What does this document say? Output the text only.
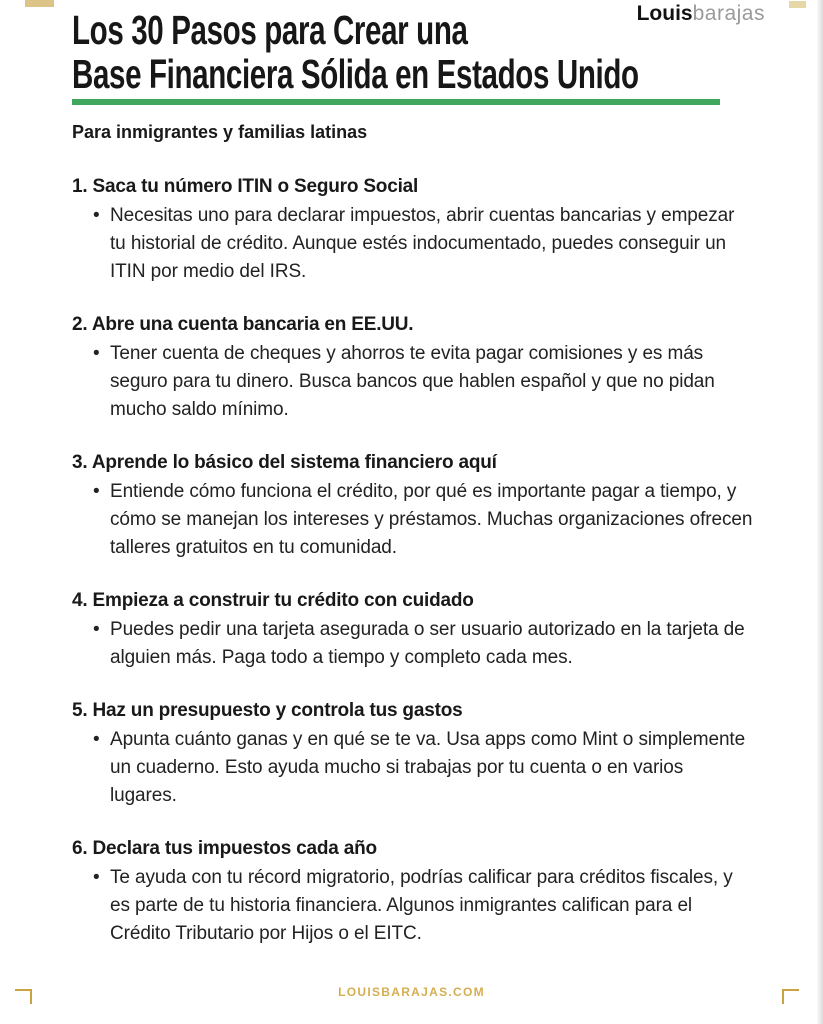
Los 30 Pasos para Crear una
Base Financiera Sólida en Estados Unido
Louisbarajas
Para inmigrantes y familias latinas
1. Saca tu número ITIN o Seguro Social
• Necesitas uno para declarar impuestos, abrir cuentas bancarias y empezar tu historial de crédito. Aunque estés indocumentado, puedes conseguir un ITIN por medio del IRS.
2. Abre una cuenta bancaria en EE.UU.
• Tener cuenta de cheques y ahorros te evita pagar comisiones y es más seguro para tu dinero. Busca bancos que hablen español y que no pidan mucho saldo mínimo.
3. Aprende lo básico del sistema financiero aquí
• Entiende cómo funciona el crédito, por qué es importante pagar a tiempo, y cómo se manejan los intereses y préstamos. Muchas organizaciones ofrecen talleres gratuitos en tu comunidad.
4. Empieza a construir tu crédito con cuidado
• Puedes pedir una tarjeta asegurada o ser usuario autorizado en la tarjeta de alguien más. Paga todo a tiempo y completo cada mes.
5. Haz un presupuesto y controla tus gastos
• Apunta cuánto ganas y en qué se te va. Usa apps como Mint o simplemente un cuaderno. Esto ayuda mucho si trabajas por tu cuenta o en varios lugares.
6. Declara tus impuestos cada año
• Te ayuda con tu récord migratorio, podrías calificar para créditos fiscales, y es parte de tu historia financiera. Algunos inmigrantes califican para el Crédito Tributario por Hijos o el EITC.
LOUISBARAJAS.COM
